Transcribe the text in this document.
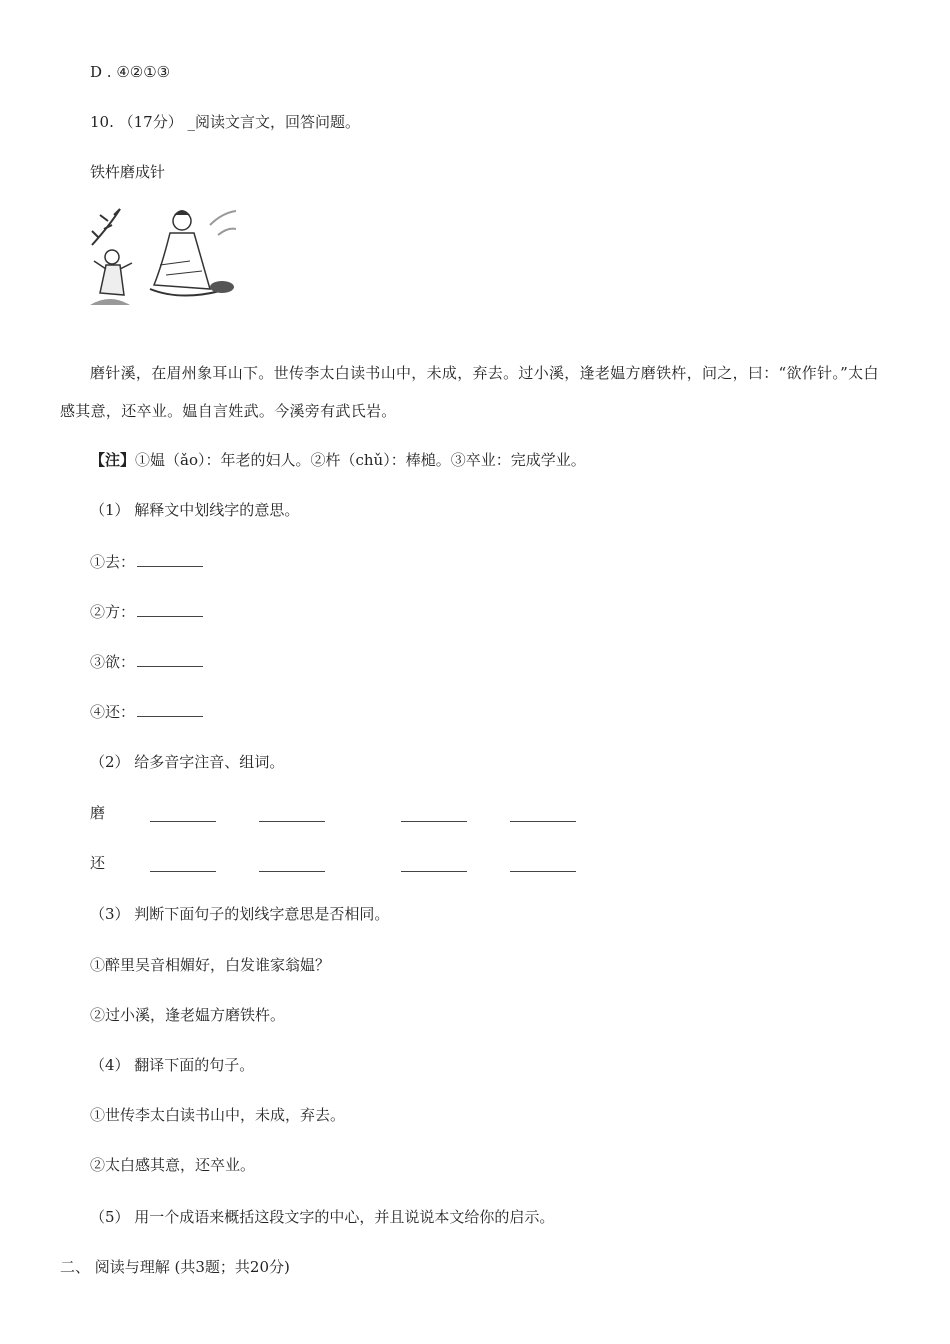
D . ④②①③
10. （17分） _阅读文言文，回答问题。
铁杵磨成针
磨针溪，在眉州象耳山下。世传李太白读书山中，未成，弃去。过小溪，逢老媪方磨铁杵，问之，曰：“欲作针。”太白感其意，还卒业。媪自言姓武。今溪旁有武氏岩。
【注】①媪（ǎo）：年老的妇人。②杵（chǔ）：棒槌。③卒业：完成学业。
（1） 解释文中划线字的意思。
①去：
②方：
③欲：
④还：
（2） 给多音字注音、组词。
磨
还
（3） 判断下面句子的划线字意思是否相同。
①醉里吴音相媚好，白发谁家翁媪？
②过小溪，逢老媪方磨铁杵。
（4） 翻译下面的句子。
①世传李太白读书山中，未成，弃去。
②太白感其意，还卒业。
（5） 用一个成语来概括这段文字的中心，并且说说本文给你的启示。
二、 阅读与理解 (共3题；共20分)
